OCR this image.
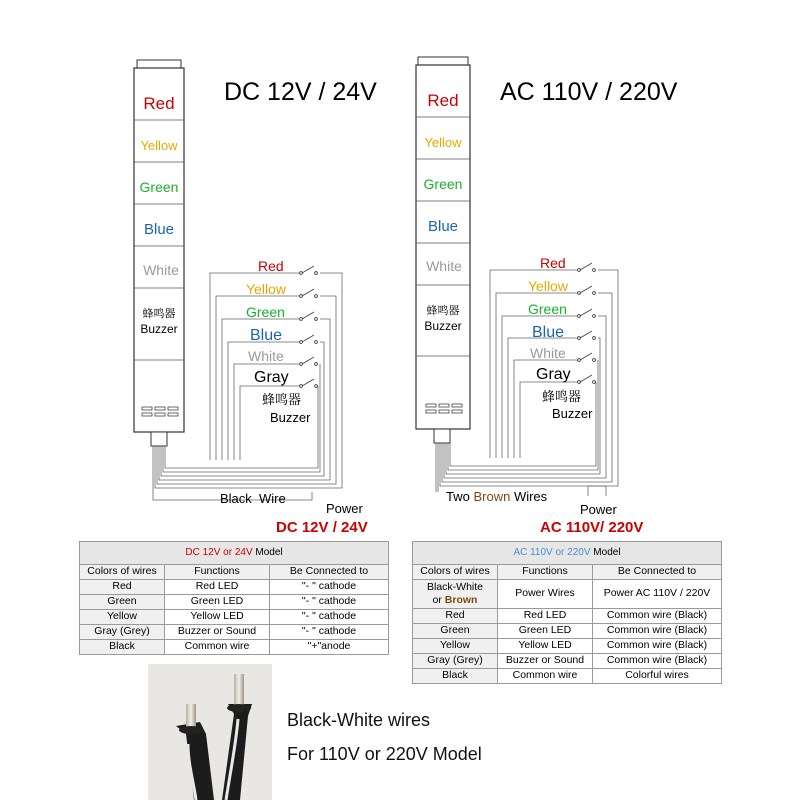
Red
Yellow
Green
Blue
White
蜂鸣器
Buzzer
DC 12V / 24V
Red
Yellow
Green
Blue
White
Gray
蜂鸣器
Buzzer
Black  Wire
Power
DC 12V / 24V
Red
Yellow
Green
Blue
White
蜂鸣器
Buzzer
AC 110V / 220V
Red
Yellow
Green
Blue
White
Gray
蜂鸣器
Buzzer
Two Brown Wires
Power
AC 110V/ 220V
DC 12V or 24V Model		
Colors of wires	Functions	Be Connected to
Red	Red LED	"- " cathode
Green	Green LED	"- " cathode
Yellow	Yellow LED	"- " cathode
Gray (Grey)	Buzzer or Sound	"- " cathode
Black	Common wire	"+"anode
AC 110V or 220V Model		
Colors of wires	Functions	Be Connected to
Black-White
or Brown	Power Wires	Power AC 110V / 220V
Red	Red LED	Common wire (Black)
Green	Green LED	Common wire (Black)
Yellow	Yellow LED	Common wire (Black)
Gray (Grey)	Buzzer or Sound	Common wire (Black)
Black	Common wire	Colorful wires
Black-White wires
For 110V or 220V Model
